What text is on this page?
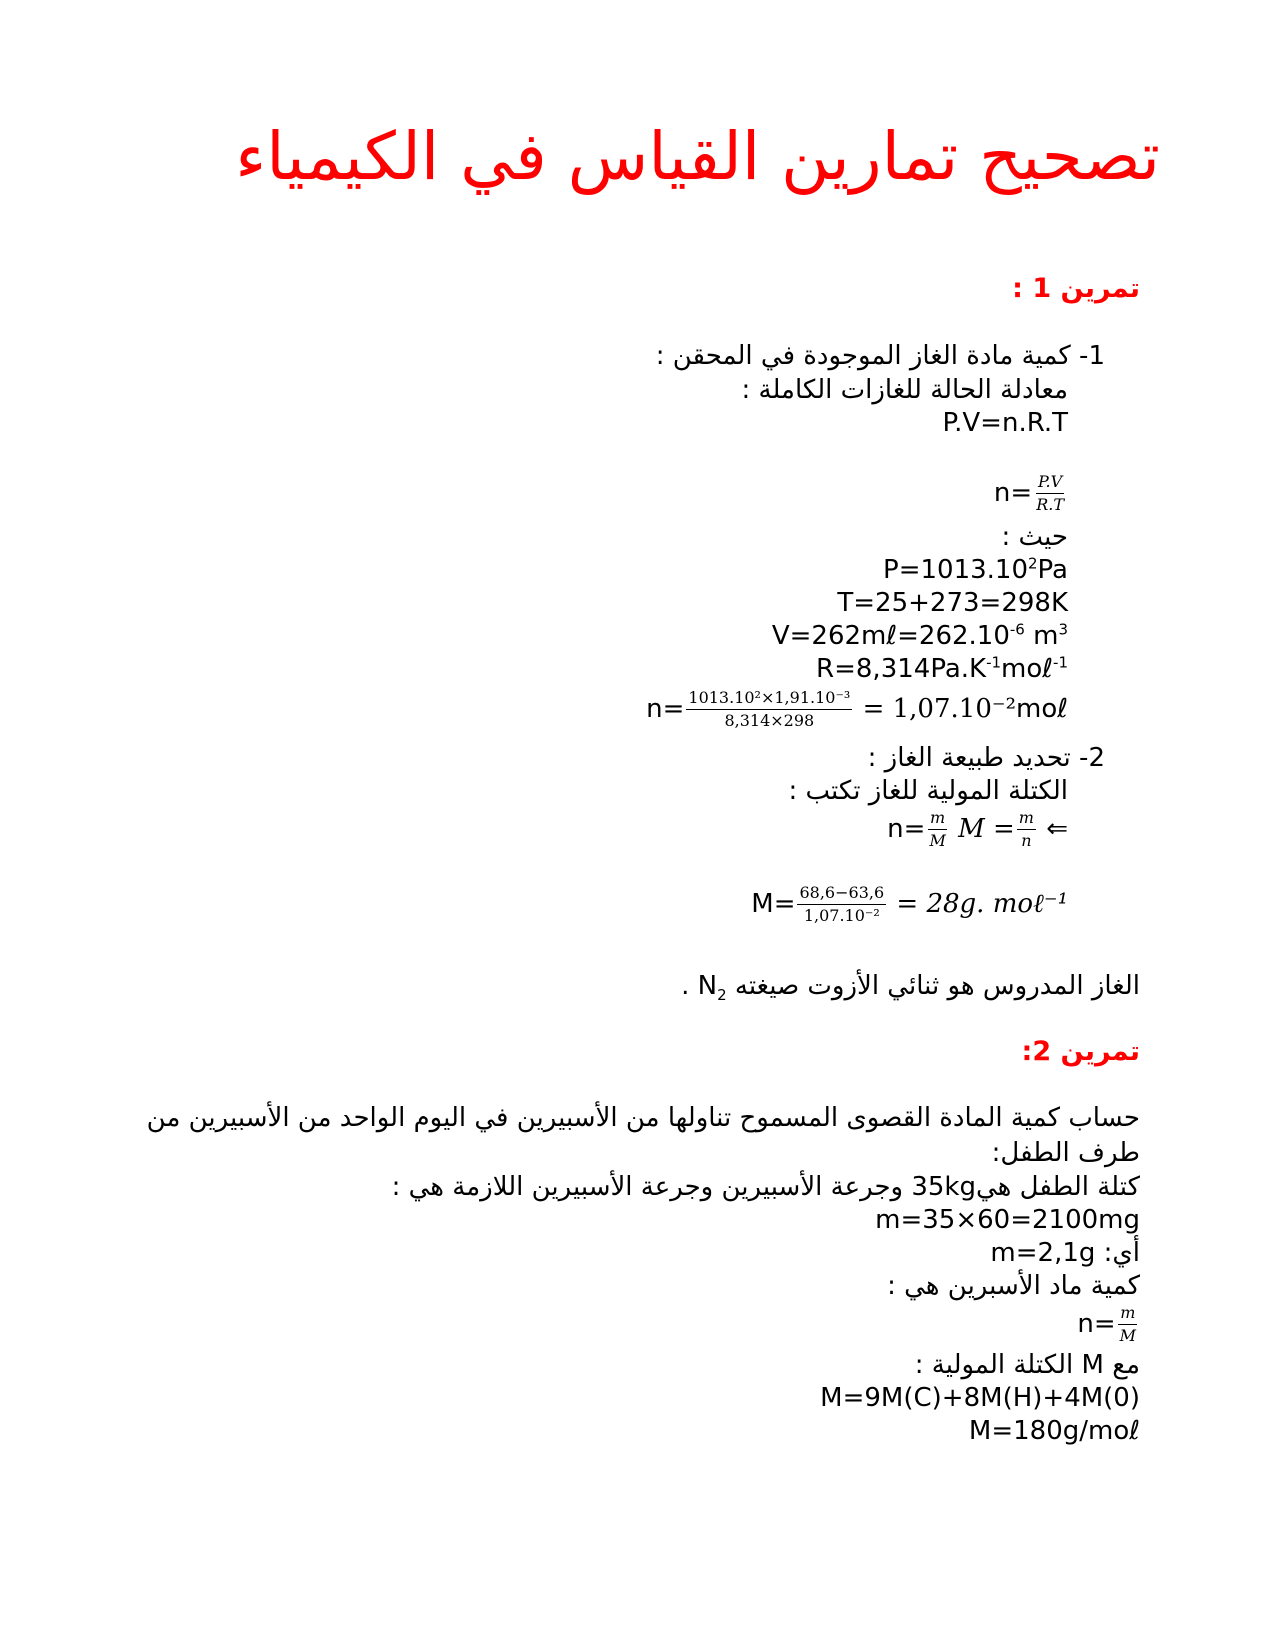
تصحيح تمارين القياس في الكيمياء
تمرين 1 :
1- كمية مادة الغاز الموجودة في المحقن :
معادلة الحالة للغازات الكاملة :
P.V=n.R.T
$n= \frac{P.V}{R.T}$
حيث :
$P=1013.10^2Pa$
T=25+273=298K
$V=262m\ell=262.10^{-6}$ $m^3$
$R=8,314Pa.K^{-1}mo\ell^{-1}$
$n= \frac{\text{1013.10²×1,91.10⁻³}}{8,314\times 298}$ = 1,07.10⁻²moℓ
2- تحديد طبيعة الغاز :
الكتلة المولية للغاز تكتب :
$n= \frac{m}{M}$ $M = \frac{m}{n}$ ⇐
$M= \frac{68,6-63,6}{\text{1,07.10⁻²}} = 28g$. moℓ⁻¹
الغاز المدروس هو ثنائي الأزوت صيغته $N_2$ .
تمرين 2:
حساب كمية المادة القصوى المسموح تناولها من الأسبيرين في اليوم الواحد من الأسبيرين من
طرف الطفل:
كتلة الطفل هي35kg وجرعة الأسبيرين وجرعة الأسبيرين اللازمة هي :
m=35×60=2100mg
أي: m=2,1g
كمية ماد الأسبرين هي :
$n= \frac{m}{M}$
مع M الكتلة المولية :
M=9M(C)+8M(H)+4M(0)
M=180g/moℓ
